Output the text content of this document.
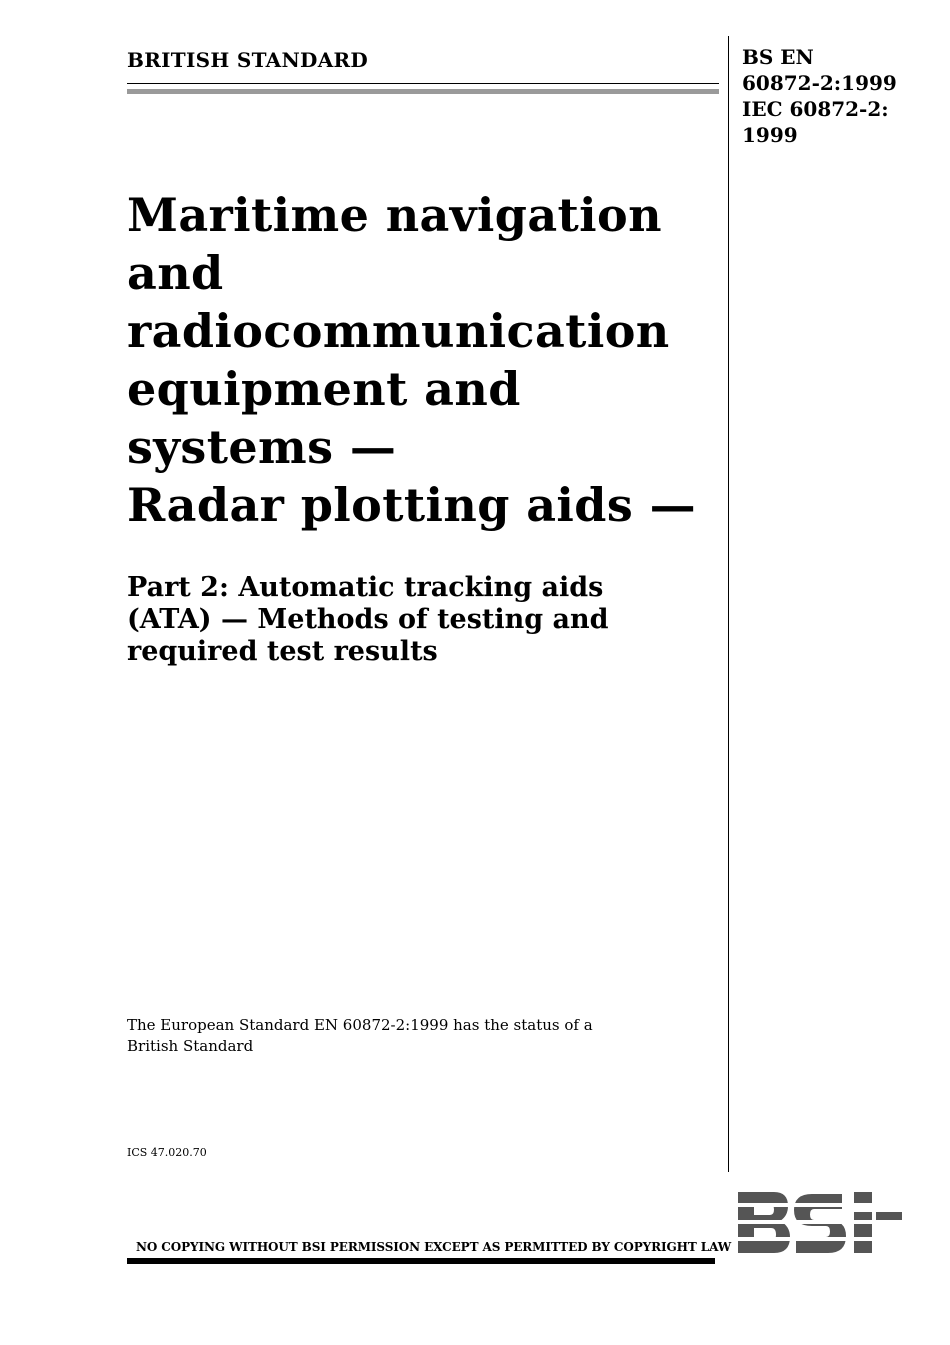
BRITISH STANDARD	BS EN
60872-2:1999
IEC 60872-2:
1999
Maritime navigation
and
radiocommunication
equipment and
systems —
Radar plotting aids —
Part 2: Automatic tracking aids
(ATA) — Methods of testing and
required test results
The European Standard EN 60872-2:1999 has the status of a
British Standard
ICS 47.020.70
NO COPYING WITHOUT BSI PERMISSION EXCEPT AS PERMITTED BY COPYRIGHT LAW
